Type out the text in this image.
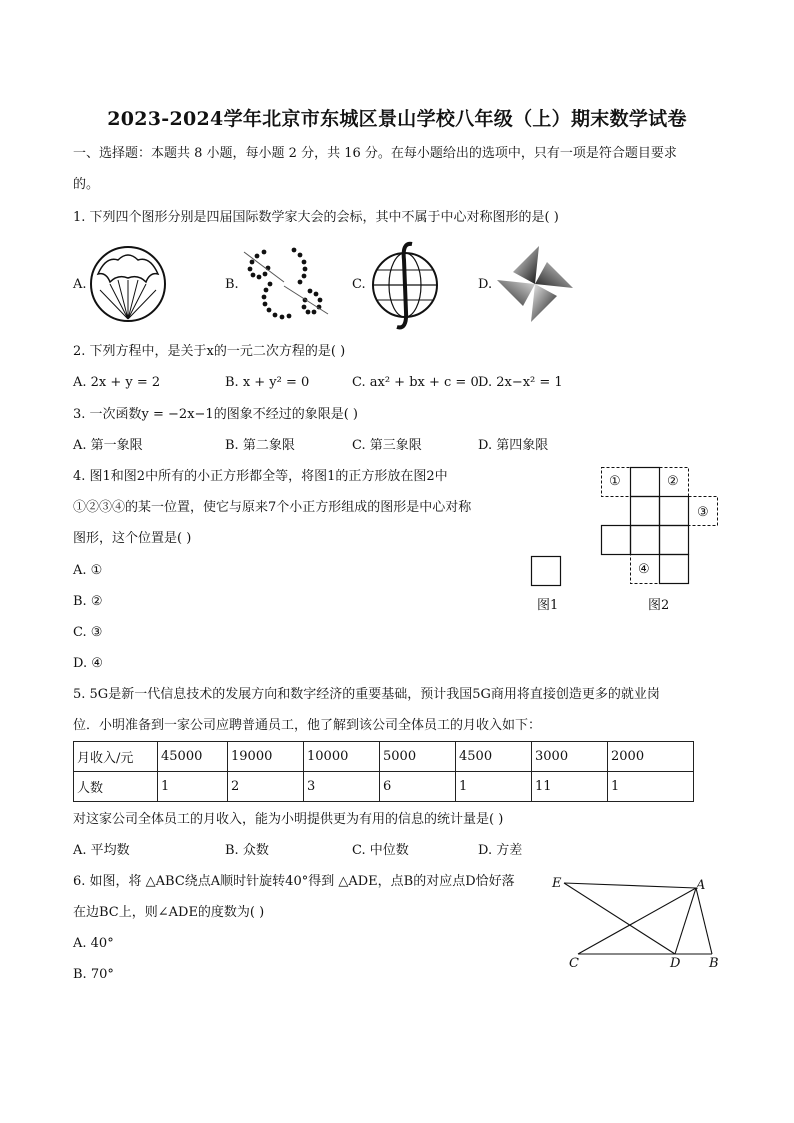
2023-2024学年北京市东城区景山学校八年级（上）期末数学试卷
一、选择题：本题共 8 小题，每小题 2 分，共 16 分。在每小题给出的选项中，只有一项是符合题目要求
的。
1. 下列四个图形分别是四届国际数学家大会的会标，其中不属于中心对称图形的是( )
A.	B.	C.	D.
2. 下列方程中，是关于x的一元二次方程的是( )
A. 2x + y = 2	B. x + y² = 0	C. ax² + bx + c = 0 D. 2x−x² = 1
3. 一次函数y = −2x−1的图象不经过的象限是( )
A. 第一象限	B. 第二象限	C. 第三象限	D. 第四象限
4. 图1和图2中所有的小正方形都全等，将图1的正方形放在图2中
①②③④的某一位置，使它与原来7个小正方形组成的图形是中心对称
图形，这个位置是( )
A. ①
B. ②
C. ③
D. ④
图1
①	②
③
④
图2
5. 5G是新一代信息技术的发展方向和数字经济的重要基础，预计我国5G商用将直接创造更多的就业岗
位．小明准备到一家公司应聘普通员工，他了解到该公司全体员工的月收入如下：
月收入/元	45000	19000	10000	5000	4500	3000	2000
人数	1	2	3	6	1	11	1
对这家公司全体员工的月收入，能为小明提供更为有用的信息的统计量是( )
A. 平均数	B. 众数	C. 中位数	D. 方差
6. 如图，将 △ABC绕点A顺时针旋转40°得到 △ADE，点B的对应点D恰好落
在边BC上，则∠ADE的度数为( )
A. 40°
B. 70°
E	A
C	D B
